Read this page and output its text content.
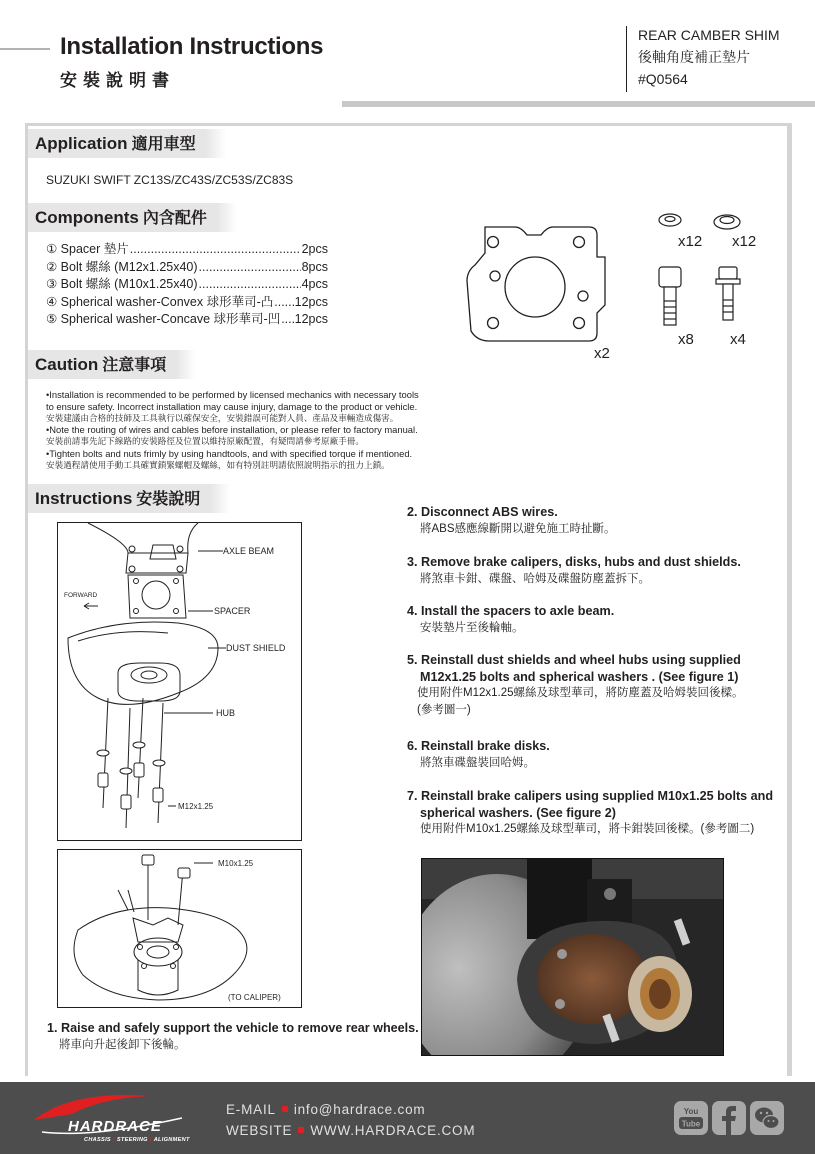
Installation Instructions
安裝說明書
REAR CAMBER SHIM
後軸角度補正墊片
#Q0564
Application 適用車型
SUZUKI SWIFT ZC13S/ZC43S/ZC53S/ZC83S
Components 內含配件
① Spacer 墊片 .....	2pcs
② Bolt 螺絲 (M12x1.25x40) .....	8pcs
③ Bolt 螺絲 (M10x1.25x40) .....	4pcs
④ Spherical washer-Convex 球形華司-凸 ..... 12pcs
⑤ Spherical washer-Concave 球形華司-凹 ..... 12pcs
x2
x12 x12
x8 x4
Caution 注意事項
•Installation is recommended to be performed by licensed mechanics with necessary tools
to ensure safety. Incorrect installation may cause injury, damage to the product or vehicle.
安裝建議由合格的技師及工具執行以確保安全，安裝錯誤可能對人員、產品及車輛造成傷害。
•Note the routing of wires and cables before installation, or please refer to factory manual.
安裝前請事先記下線路的安裝路徑及位置以維持原廠配置，有疑問請參考原廠手冊。
•Tighten bolts and nuts frimly by using handtools, and with specified torque if mentioned.
安裝過程請使用手動工具確實鎖緊螺帽及螺絲，如有特別註明請依照說明指示的扭力上鎖。
Instructions 安裝說明
AXLE BEAM
FORWARD
SPACER
DUST SHIELD
HUB
M12x1.25
M10x1.25
(TO CALIPER)
1. Raise and safely support the vehicle to remove rear wheels.
將車向升起後卸下後輪。
2. Disconnect ABS wires.
將ABS感應線斷開以避免施工時扯斷。
3. Remove brake calipers, disks, hubs and dust shields.
將煞車卡鉗、碟盤、哈姆及碟盤防塵蓋拆下。
4. Install the spacers to axle beam.
安裝墊片至後輪軸。
5. Reinstall dust shields and wheel hubs using supplied
M12x1.25 bolts and spherical washers . (See figure 1)
使用附件M12x1.25螺絲及球型華司，將防塵蓋及哈姆裝回後樑。
(參考圖一)
6. Reinstall brake disks.
將煞車碟盤裝回哈姆。
7. Reinstall brake calipers using supplied M10x1.25 bolts and
spherical washers. (See figure 2)
使用附件M10x1.25螺絲及球型華司，將卡鉗裝回後樑。(參考圖二)
HARDRACE
CHASSIS | STEERING | ALIGNMENT
E-MAIL info@hardrace.com
WEBSITE WWW.HARDRACE.COM
You
Tube
